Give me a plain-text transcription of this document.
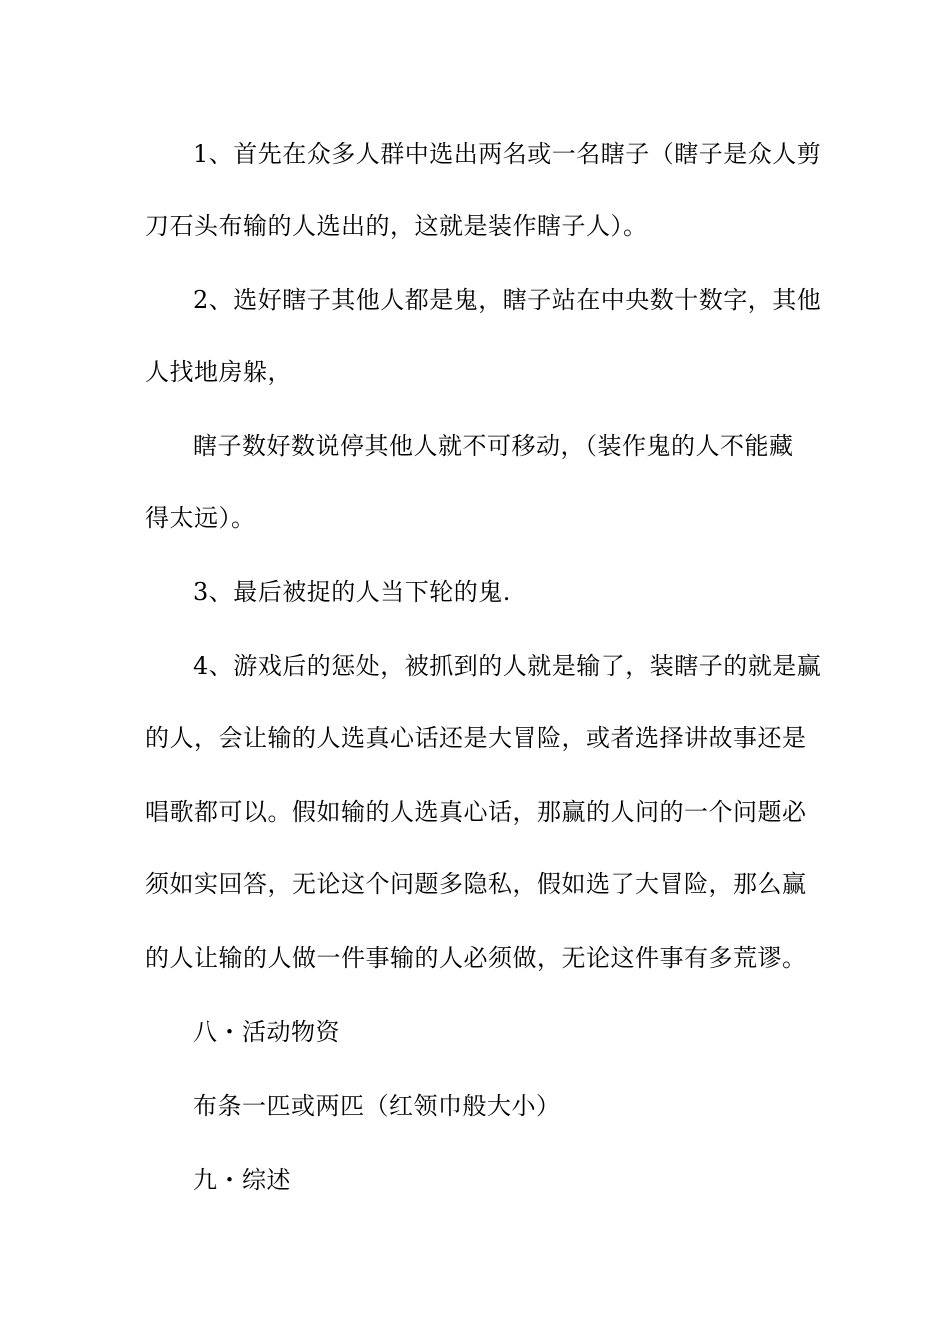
1、首先在众多人群中选出两名或一名瞎子（瞎子是众人剪
刀石头布输的人选出的，这就是装作瞎子人）。
2、选好瞎子其他人都是鬼，瞎子站在中央数十数字，其他
人找地房躲，
瞎子数好数说停其他人就不可移动，（装作鬼的人不能藏
得太远）。
3、最后被捉的人当下轮的鬼.
4、游戏后的惩处，被抓到的人就是输了，装瞎子的就是赢
的人，会让输的人选真心话还是大冒险，或者选择讲故事还是
唱歌都可以。假如输的人选真心话，那赢的人问的一个问题必
须如实回答，无论这个问题多隐私，假如选了大冒险，那么赢
的人让输的人做一件事输的人必须做，无论这件事有多荒谬。
八・活动物资
布条一匹或两匹（红领巾般大小）
九・综述
